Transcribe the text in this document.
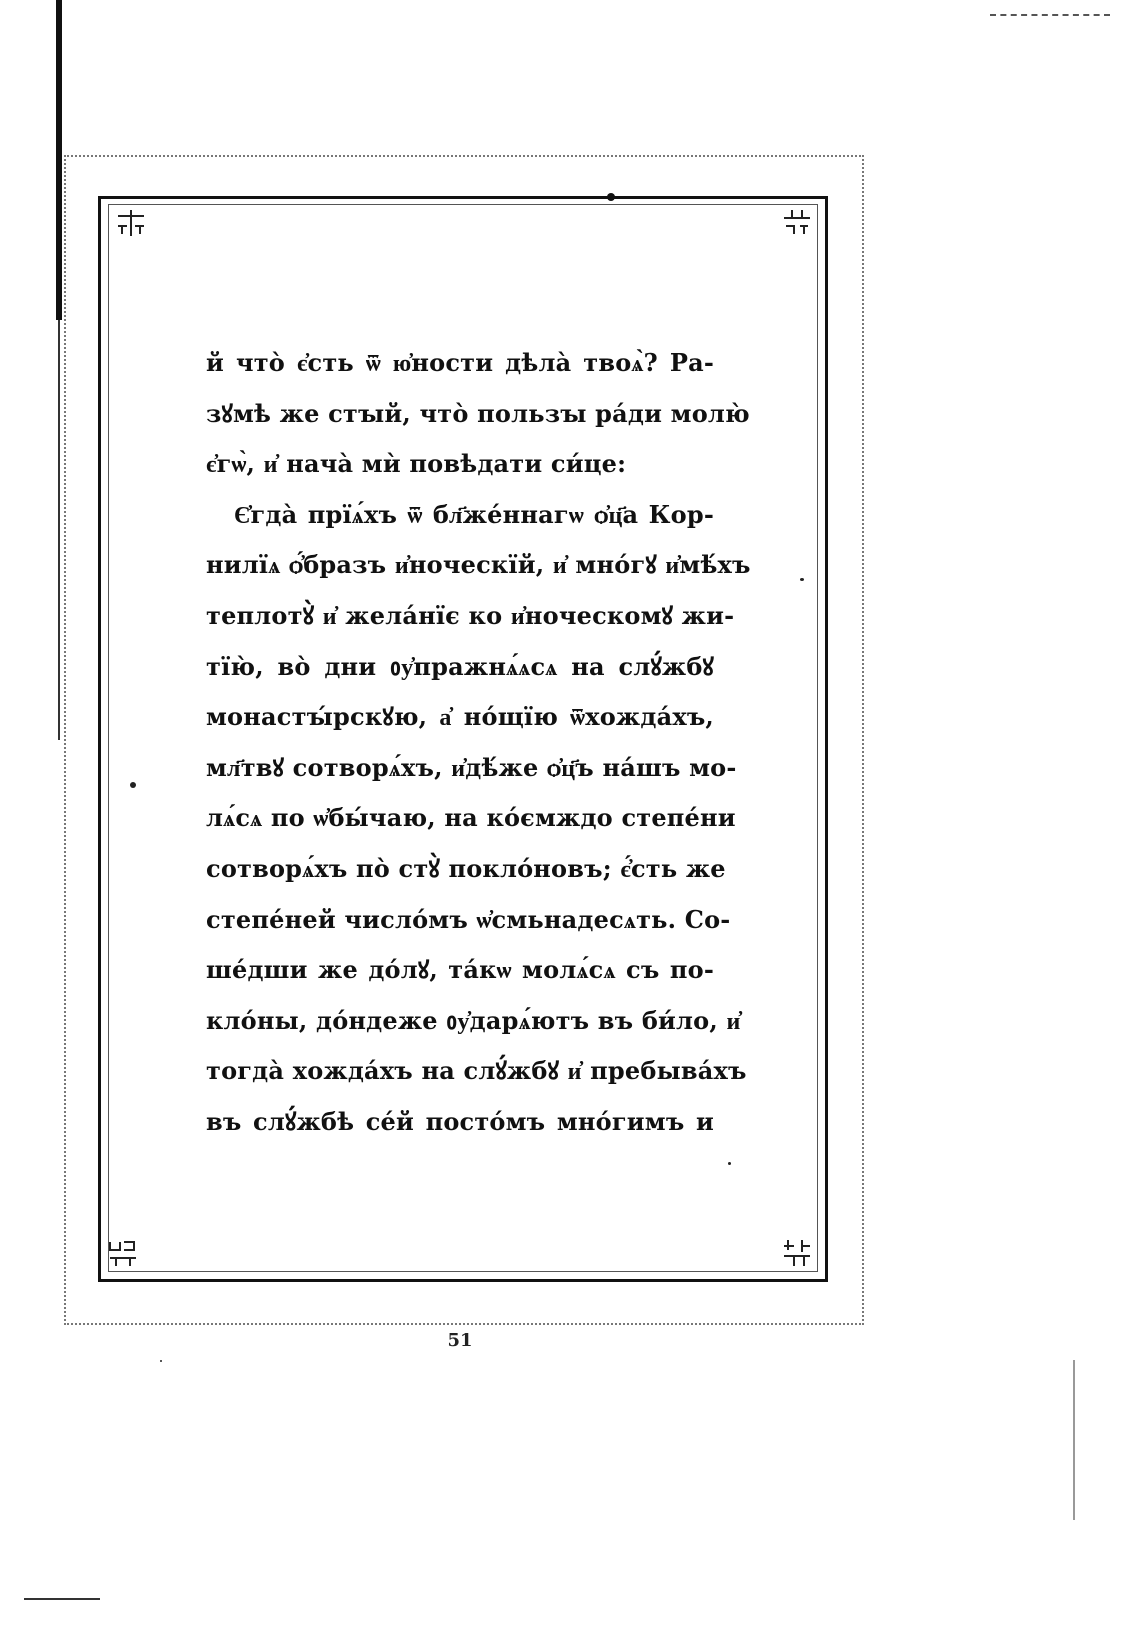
й что̀ є҆сть ѿ ю҆ности дѣла̀ твоѧ̀? Ра-
зꙋмѣ же стꙑй, что̀ пользꙑ ра́ди молю̀
є҆гѡ̀, и҆ нача̀ мѝ повѣдати си́це:
Є҆гда̀ прїѧ́хъ ѿ бл҃же́ннагѡ ѻ҆ц҃а Кор-
нилїѧ ѻ҆́бразъ и҆ноческїй, и҆ мно́гꙋ и҆мѣ́хъ
теплотꙋ̀ и҆ жела́нїє ко и҆ноческомꙋ жи-
тїю̀, во̀ дни ᲂу҆пражнѧ́ѧсѧ на слꙋ́жбꙋ
монастꙑ́рскꙋю, а҆ но́щїю ѿхожда́хъ,
мл҃твꙋ сотворѧ́хъ, и҆дѣ́же ѻ҆ц҃ъ на́шъ мо-
лѧ́сѧ по ѡ҆бы́чаю, на ко́ємждо степе́ни
сотворѧ́хъ по̀ стꙋ̀ покло́новъ; є҆́сть же
степе́ней число́мъ ѡ҆смьнадесѧть. Со-
ше́дши же до́лꙋ, та́кѡ молѧ́сѧ съ по-
кло́ны, до́ндеже ᲂу҆дарѧ́ютъ въ би́ло, и҆
тогда̀ хожда́хъ на слꙋ́жбꙋ и҆ пребыва́хъ
въ слꙋ́жбѣ се́й посто́мъ мно́гимъ и
51
